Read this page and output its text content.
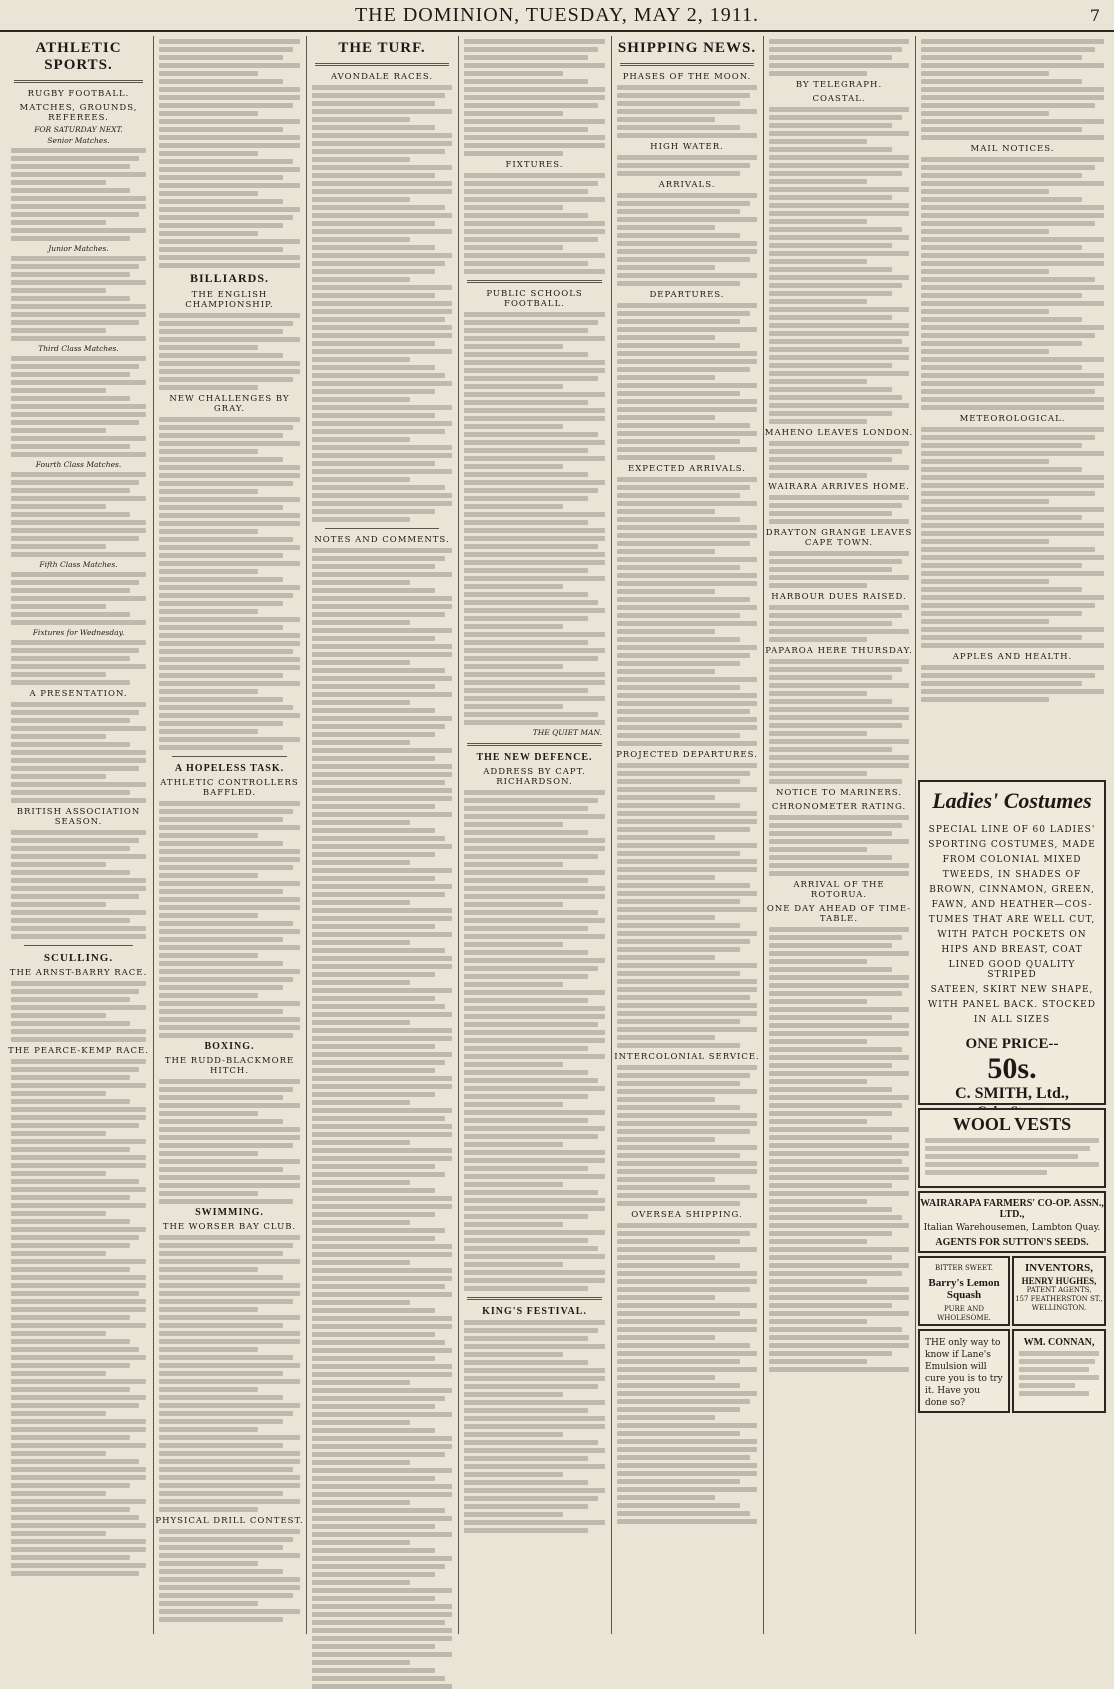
THE DOMINION, TUESDAY, MAY 2, 1911.	7
ATHLETIC SPORTS.
RUGBY FOOTBALL.
MATCHES, GROUNDS, REFEREES.
FOR SATURDAY NEXT.
Senior Matches.
Junior Matches.
Third Class Matches.
Fourth Class Matches.
Fifth Class Matches.
Fixtures for Wednesday.
A PRESENTATION.
BRITISH ASSOCIATION SEASON.
SCULLING.
THE ARNST-BARRY RACE.
THE PEARCE-KEMP RACE.
BILLIARDS.
THE ENGLISH CHAMPIONSHIP.
NEW CHALLENGES BY GRAY.
A HOPELESS TASK.
ATHLETIC CONTROLLERS BAFFLED.
BOXING.
THE RUDD-BLACKMORE HITCH.
SWIMMING.
THE WORSER BAY CLUB.
PHYSICAL DRILL CONTEST.
THE TURF.
AVONDALE RACES.
NOTES AND COMMENTS.
FIXTURES.
PUBLIC SCHOOLS FOOTBALL.
THE QUIET MAN.
THE NEW DEFENCE.
ADDRESS BY CAPT. RICHARDSON.
KING'S FESTIVAL.
SHIPPING NEWS.
PHASES OF THE MOON.
HIGH WATER.
ARRIVALS.
DEPARTURES.
EXPECTED ARRIVALS.
PROJECTED DEPARTURES.
INTERCOLONIAL SERVICE.
OVERSEA SHIPPING.
BY TELEGRAPH.
COASTAL.
MAHENO LEAVES LONDON.
WAIRARA ARRIVES HOME.
DRAYTON GRANGE LEAVES CAPE TOWN.
HARBOUR DUES RAISED.
PAPAROA HERE THURSDAY.
NOTICE TO MARINERS.
CHRONOMETER RATING.
ARRIVAL OF THE ROTORUA.
ONE DAY AHEAD OF TIME-TABLE.
MAIL NOTICES.
METEOROLOGICAL.
APPLES AND HEALTH.
Ladies' Costumes
SPECIAL LINE OF 60 LADIES'
SPORTING COSTUMES, MADE
FROM COLONIAL MIXED
TWEEDS, IN SHADES OF
BROWN, CINNAMON, GREEN,
FAWN, AND HEATHER—COS-
TUMES THAT ARE WELL CUT,
WITH PATCH POCKETS ON
HIPS AND BREAST, COAT
LINED GOOD QUALITY STRIPED
SATEEN, SKIRT NEW SHAPE,
WITH PANEL BACK. STOCKED
IN ALL SIZES
ONE PRICE--
50s.
C. SMITH, Ltd.,
WOOL VESTS
WAIRARAPA FARMERS' CO-OP. ASSN., LTD.,
Italian Warehousemen, Lambton Quay.
AGENTS FOR SUTTON'S SEEDS.
BITTER SWEET.
Barry's Lemon Squash
PURE AND WHOLESOME.
INVENTORS,
HENRY HUGHES,
PATENT AGENTS,
157 FEATHERSTON ST., WELLINGTON.
THE only way to know if Lane's Emulsion will cure you is to try it. Have you done so?
WM. CONNAN,
